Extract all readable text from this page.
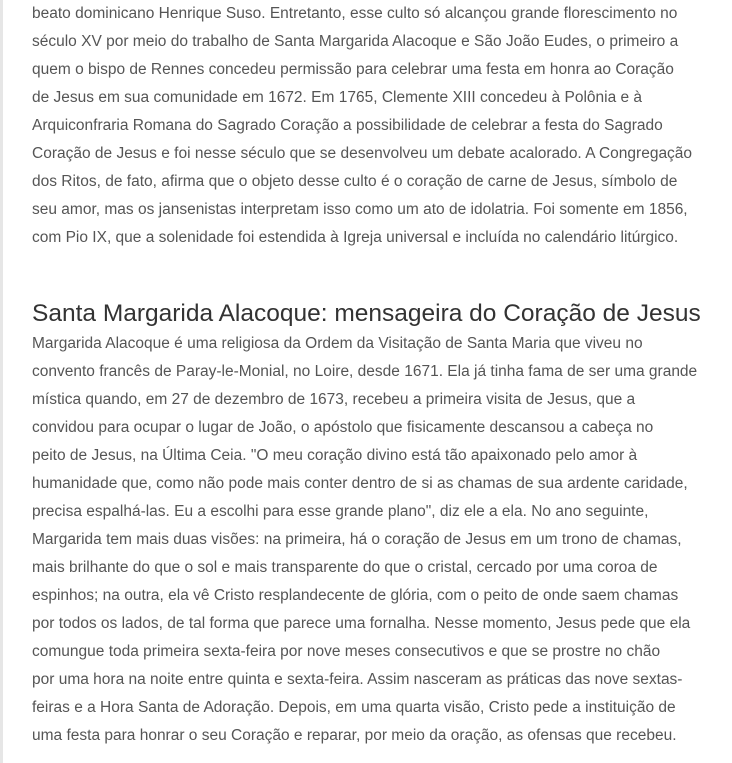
beato dominicano Henrique Suso. Entretanto, esse culto só alcançou grande florescimento no
século XV por meio do trabalho de Santa Margarida Alacoque e São João Eudes, o primeiro a
quem o bispo de Rennes concedeu permissão para celebrar uma festa em honra ao Coração
de Jesus em sua comunidade em 1672. Em 1765, Clemente XIII concedeu à Polônia e à
Arquiconfraria Romana do Sagrado Coração a possibilidade de celebrar a festa do Sagrado
Coração de Jesus e foi nesse século que se desenvolveu um debate acalorado. A Congregação
dos Ritos, de fato, afirma que o objeto desse culto é o coração de carne de Jesus, símbolo de
seu amor, mas os jansenistas interpretam isso como um ato de idolatria. Foi somente em 1856,
com Pio IX, que a solenidade foi estendida à Igreja universal e incluída no calendário litúrgico.

Santa Margarida Alacoque: mensageira do Coração de Jesus

Margarida Alacoque é uma religiosa da Ordem da Visitação de Santa Maria que viveu no
convento francês de Paray-le-Monial, no Loire, desde 1671. Ela já tinha fama de ser uma grande
mística quando, em 27 de dezembro de 1673, recebeu a primeira visita de Jesus, que a
convidou para ocupar o lugar de João, o apóstolo que fisicamente descansou a cabeça no
peito de Jesus, na Última Ceia. "O meu coração divino está tão apaixonado pelo amor à
humanidade que, como não pode mais conter dentro de si as chamas de sua ardente caridade,
precisa espalhá-las. Eu a escolhi para esse grande plano", diz ele a ela. No ano seguinte,
Margarida tem mais duas visões: na primeira, há o coração de Jesus em um trono de chamas,
mais brilhante do que o sol e mais transparente do que o cristal, cercado por uma coroa de
espinhos; na outra, ela vê Cristo resplandecente de glória, com o peito de onde saem chamas
por todos os lados, de tal forma que parece uma fornalha. Nesse momento, Jesus pede que ela
comungue toda primeira sexta-feira por nove meses consecutivos e que se prostre no chão
por uma hora na noite entre quinta e sexta-feira. Assim nasceram as práticas das nove sextas-
feiras e a Hora Santa de Adoração. Depois, em uma quarta visão, Cristo pede a instituição de
uma festa para honrar o seu Coração e reparar, por meio da oração, as ofensas que recebeu.
